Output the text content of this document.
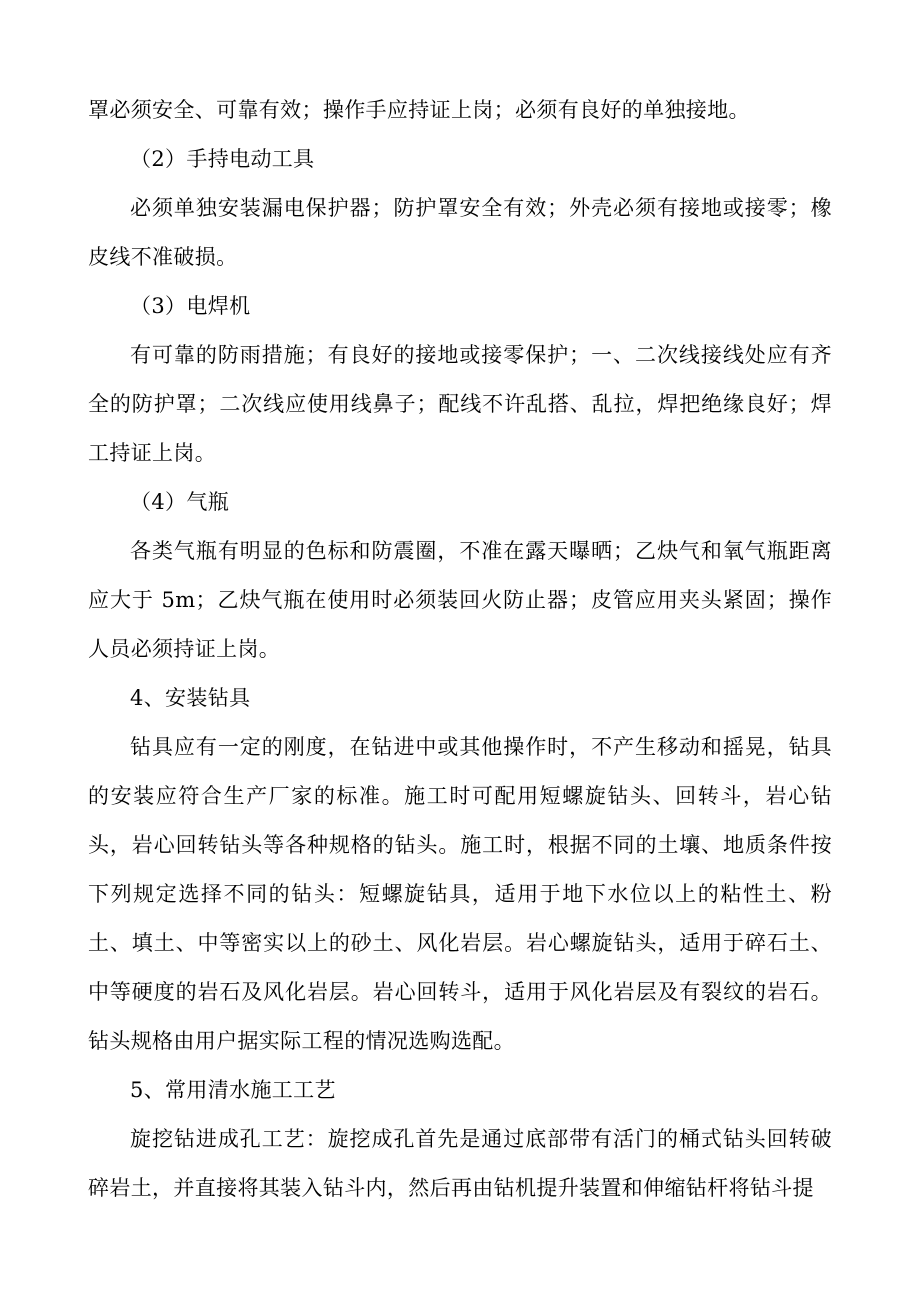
罩必须安全、可靠有效；操作手应持证上岗；必须有良好的单独接地。

（2）手持电动工具

必须单独安装漏电保护器；防护罩安全有效；外壳必须有接地或接零；橡皮线不准破损。

（3）电焊机

有可靠的防雨措施；有良好的接地或接零保护；一、二次线接线处应有齐全的防护罩；二次线应使用线鼻子；配线不许乱搭、乱拉，焊把绝缘良好；焊工持证上岗。

（4）气瓶

各类气瓶有明显的色标和防震圈，不准在露天曝晒；乙炔气和氧气瓶距离应大于 5m；乙炔气瓶在使用时必须装回火防止器；皮管应用夹头紧固；操作人员必须持证上岗。

4、安装钻具

钻具应有一定的刚度，在钻进中或其他操作时，不产生移动和摇晃，钻具的安装应符合生产厂家的标准。施工时可配用短螺旋钻头、回转斗，岩心钻头，岩心回转钻头等各种规格的钻头。施工时，根据不同的土壤、地质条件按下列规定选择不同的钻头：短螺旋钻具，适用于地下水位以上的粘性土、粉土、填土、中等密实以上的砂土、风化岩层。岩心螺旋钻头，适用于碎石土、中等硬度的岩石及风化岩层。岩心回转斗，适用于风化岩层及有裂纹的岩石。钻头规格由用户据实际工程的情况选购选配。

5、常用清水施工工艺

旋挖钻进成孔工艺：旋挖成孔首先是通过底部带有活门的桶式钻头回转破碎岩土，并直接将其装入钻斗内，然后再由钻机提升装置和伸缩钻杆将钻斗提
